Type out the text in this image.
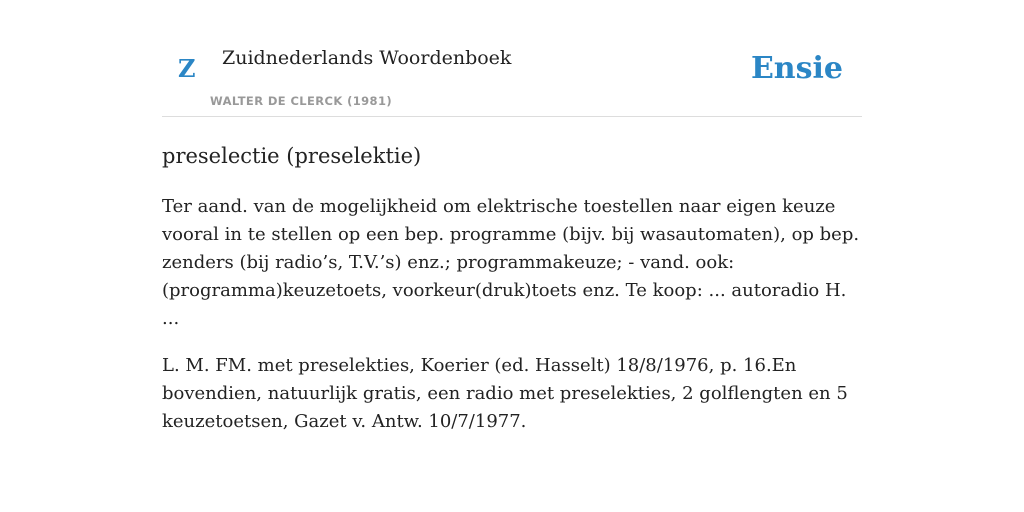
Z Zuidnederlands Woordenboek
WALTER DE CLERCK (1981)
Ensie
preselectie (preselektie)

Ter aand. van de mogelijkheid om elektrische toestellen naar eigen keuze vooral in te stellen op een bep. programme (bijv. bij wasautomaten), op bep. zenders (bij radio’s, T.V.’s) enz.; programmakeuze; - vand. ook: (programma)keuzetoets, voorkeur(druk)toets enz. Te koop: ... autoradio H. ...

L. M. FM. met preselekties, Koerier (ed. Hasselt) 18/8/1976, p. 16.En bovendien, natuurlijk gratis, een radio met preselekties, 2 golflengten en 5 keuzetoetsen, Gazet v. Antw. 10/7/1977.
